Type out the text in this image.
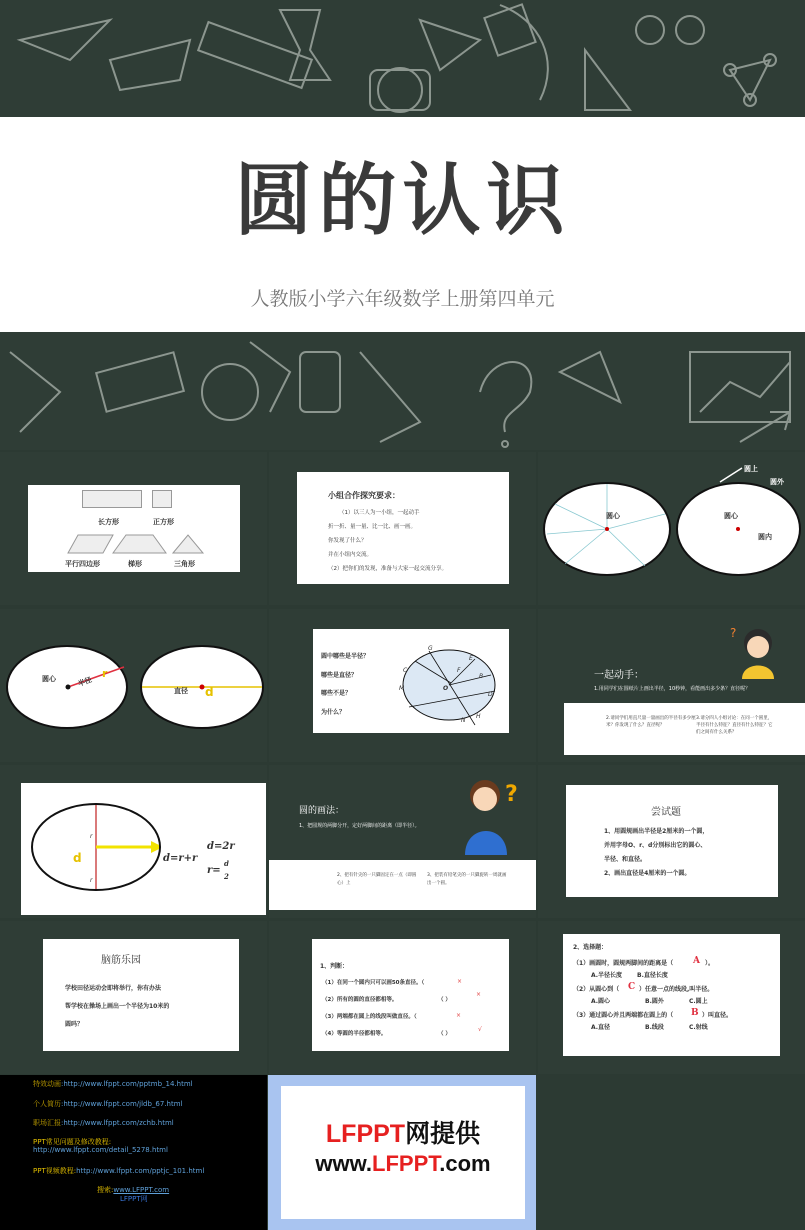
圆的认识
人教版小学六年级数学上册第四单元
长方形	正方形
平行四边形	梯形	三角形
小组合作探究要求：
（1）以三人为一小组，一起动手
折一折、量一量、比一比、画一画。
你发现了什么？
并在小组内交流。
（2）把你们的发现，准备与大家一起交流分享。
圆心	圆心
圆内
圆上
圆外
圆心	半径
r
直径 d
圆中哪些是半径？
哪些是直径？
哪些不是？
为什么？
G
E
C	F
B
O
M
D
N
H
?
一起动手：
1.用同学们在圆纸片上画出半径，10秒钟，看能画出多少条？直径呢？
2.请同学们用直尺量一量画出的半径有多少厘米？你发现了什么？直径呢？
3.请分四人小组讨论：在同一个圆里，半径有什么特征？直径有什么特征？它们之间有什么关系？
d
r
r
d=r+r
d=2r
r=
d
2
?
圆的画法：
1、把圆规的两脚分开，定好两脚间的距离（即半径）。
2、把有针尖的一只脚固定在一点（即圆心）上
3、把装有铅笔尖的一只脚旋转一周就画出一个圆。
尝试题
1、用圆规画出半径是2厘米的一个圆，
并用字母O、r、d分别标出它的圆心、
半径、和直径。
2、画出直径是4厘米的一个圆。
脑筋乐园
学校田径运动会即将举行，你有办法
帮学校在操场上画出一个半径为10米的
圆吗？
1、判断：
（1）在同一个圆内只可以画50条直径。（
（2）所有的圆的直径都相等。
（3）两端都在圆上的线段叫做直径。（
（4）等圆的半径都相等。
（ ）
（ ）
×
×
×
√
2、选择题：
（1）画圆时，圆规两脚间的距离是（ A ）。
A.半径长度 B.直径长度
（2）从圆心到（ C ）任意一点的线段,叫半径。
A.圆心	B.圆外	C.圆上
（3）通过圆心并且两端都在圆上的（ B ）叫直径。
A.直径	B.线段	C.射线
特效动画:http://www.lfppt.com/pptmb_14.html
个人简历:http://www.lfppt.com/jldb_67.html
职场汇报:http://www.lfppt.com/zchb.html
PPT常见问题及修改教程:
http://www.lfppt.com/detail_5278.html
PPT视频教程:http://www.lfppt.com/pptjc_101.html
搜索:www.LFPPT.com
LFPPT网
LFPPT网提供
www.LFPPT.com
